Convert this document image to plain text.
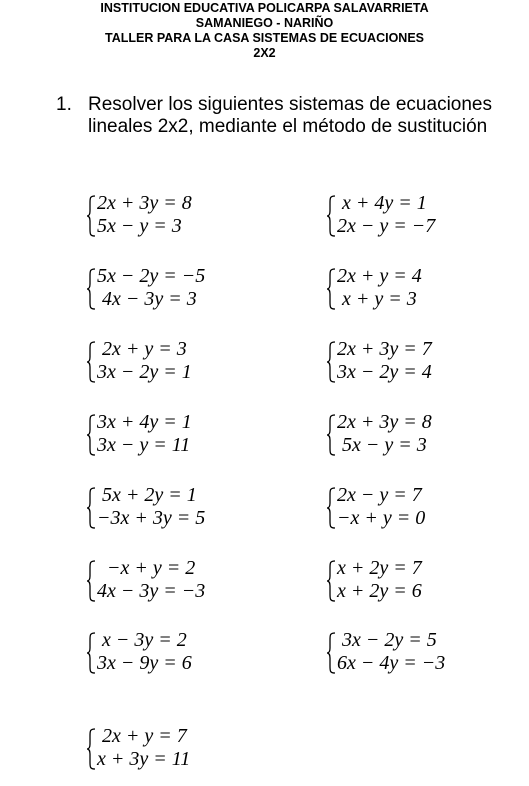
INSTITUCION EDUCATIVA POLICARPA SALAVARRIETA
SAMANIEGO - NARIÑO
TALLER PARA LA CASA SISTEMAS DE ECUACIONES
2X2
1. Resolver los siguientes sistemas de ecuaciones lineales 2x2, mediante el método de sustitución
2x + 3y = 8
5x − y = 3
5x − 2y = −5
4x − 3y = 3
2x + y = 3
3x − 2y = 1
3x + 4y = 1
3x − y = 11
5x + 2y = 1
−3x + 3y = 5
−x + y = 2
4x − 3y = −3
x − 3y = 2
3x − 9y = 6
2x + y = 7
x + 3y = 11
x + 4y = 1
2x − y = −7
2x + y = 4
x + y = 3
2x + 3y = 7
3x − 2y = 4
2x + 3y = 8
5x − y = 3
2x − y = 7
−x + y = 0
x + 2y = 7
x + 2y = 6
3x − 2y = 5
6x − 4y = −3
